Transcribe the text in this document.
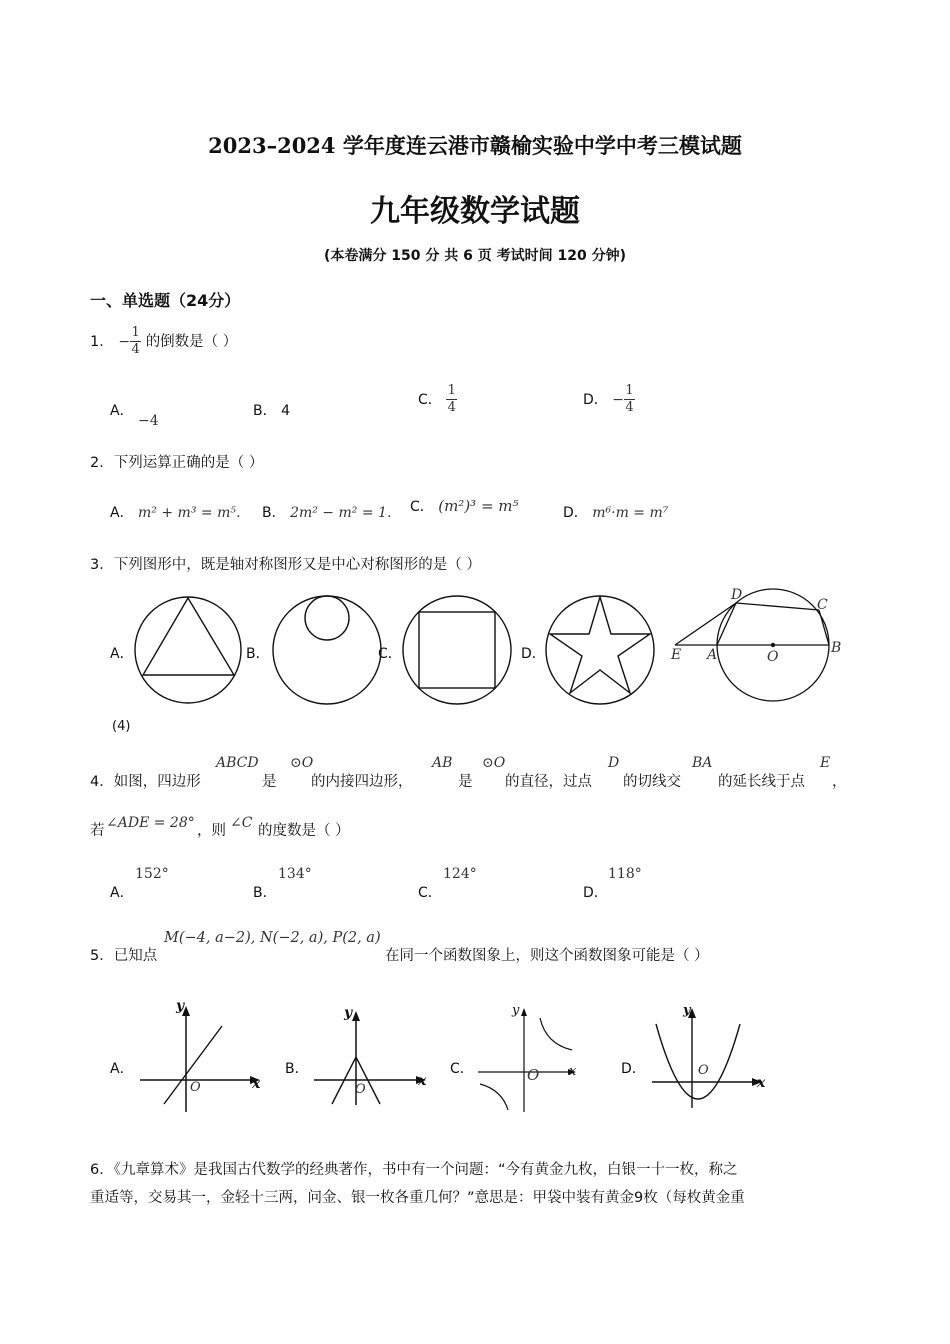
2023–2024 学年度连云港市赣榆实验中学中考三模试题
九年级数学试题
(本卷满分 150 分 共 6 页 考试时间 120 分钟)
一、单选题（24分）
1． − $\frac{1}{4}$ 的倒数是（ ）
A． −4
B． 4
C． $\frac{1}{4}$	D． − $\frac{1}{4}$
2．下列运算正确的是（ ）
A． m² + m³ = m⁵． B． 2m² − m² = 1． C． (m²)³ = m⁵	D． m⁶·m = m⁷
3．下列图形中，既是轴对称图形又是中心对称图形的是（ ）
A．	B．	C．	D．
D
C
E A	O
B
(4)
4．如图，四边形
ABCD
是
⊙O
的内接四边形，
AB
是
⊙O
的直径，过点
D
的切线交
BA
的延长线于点
E
，
若 ∠ADE = 28° ，则 ∠C 的度数是（ ）
A．
152°
B．
134°
C．
124°
D．
118°
5．已知点
M(−4, a−2), N(−2, a), P(2, a)
在同一个函数图象上，则这个函数图象可能是（ ）
A．
y
x
O
B．
y
x
O
C．
y
x
O	D．
y
x
O
6．《九章算术》是我国古代数学的经典著作，书中有一个问题：“今有黄金九枚，白银一十一枚，称之
重适等，交易其一，金轻十三两，问金、银一枚各重几何？”意思是：甲袋中装有黄金9枚（每枚黄金重
